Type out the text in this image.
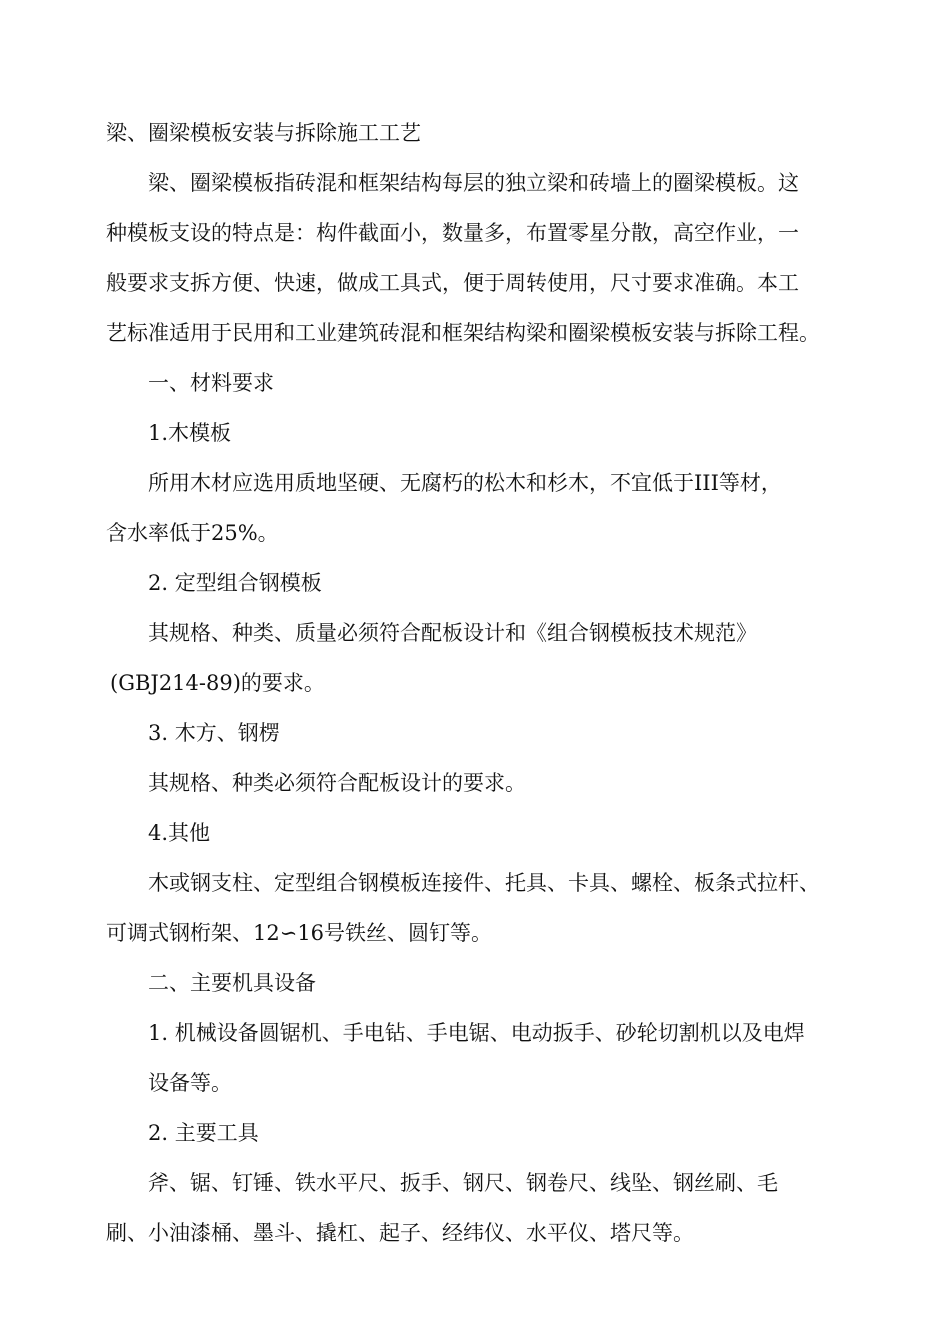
梁、圈梁模板安装与拆除施工工艺
梁、圈梁模板指砖混和框架结构每层的独立梁和砖墙上的圈梁模板。这
种模板支设的特点是：构件截面小，数量多，布置零星分散，高空作业，一
般要求支拆方便、快速，做成工具式，便于周转使用，尺寸要求准确。本工
艺标准适用于民用和工业建筑砖混和框架结构梁和圈梁模板安装与拆除工程。
一、材料要求
1.木模板
所用木材应选用质地坚硬、无腐朽的松木和杉木，不宜低于III等材，
含水率低于25%。
2. 定型组合钢模板
其规格、种类、质量必须符合配板设计和《组合钢模板技术规范》
(GBJ214-89)的要求。
3. 木方、钢楞
其规格、种类必须符合配板设计的要求。
4.其他
木或钢支柱、定型组合钢模板连接件、托具、卡具、螺栓、板条式拉杆、
可调式钢桁架、12∽16号铁丝、圆钉等。
二、主要机具设备
1. 机械设备圆锯机、手电钻、手电锯、电动扳手、砂轮切割机以及电焊
设备等。
2. 主要工具
斧、锯、钉锤、铁水平尺、扳手、钢尺、钢卷尺、线坠、钢丝刷、毛
刷、小油漆桶、墨斗、撬杠、起子、经纬仪、水平仪、塔尺等。
